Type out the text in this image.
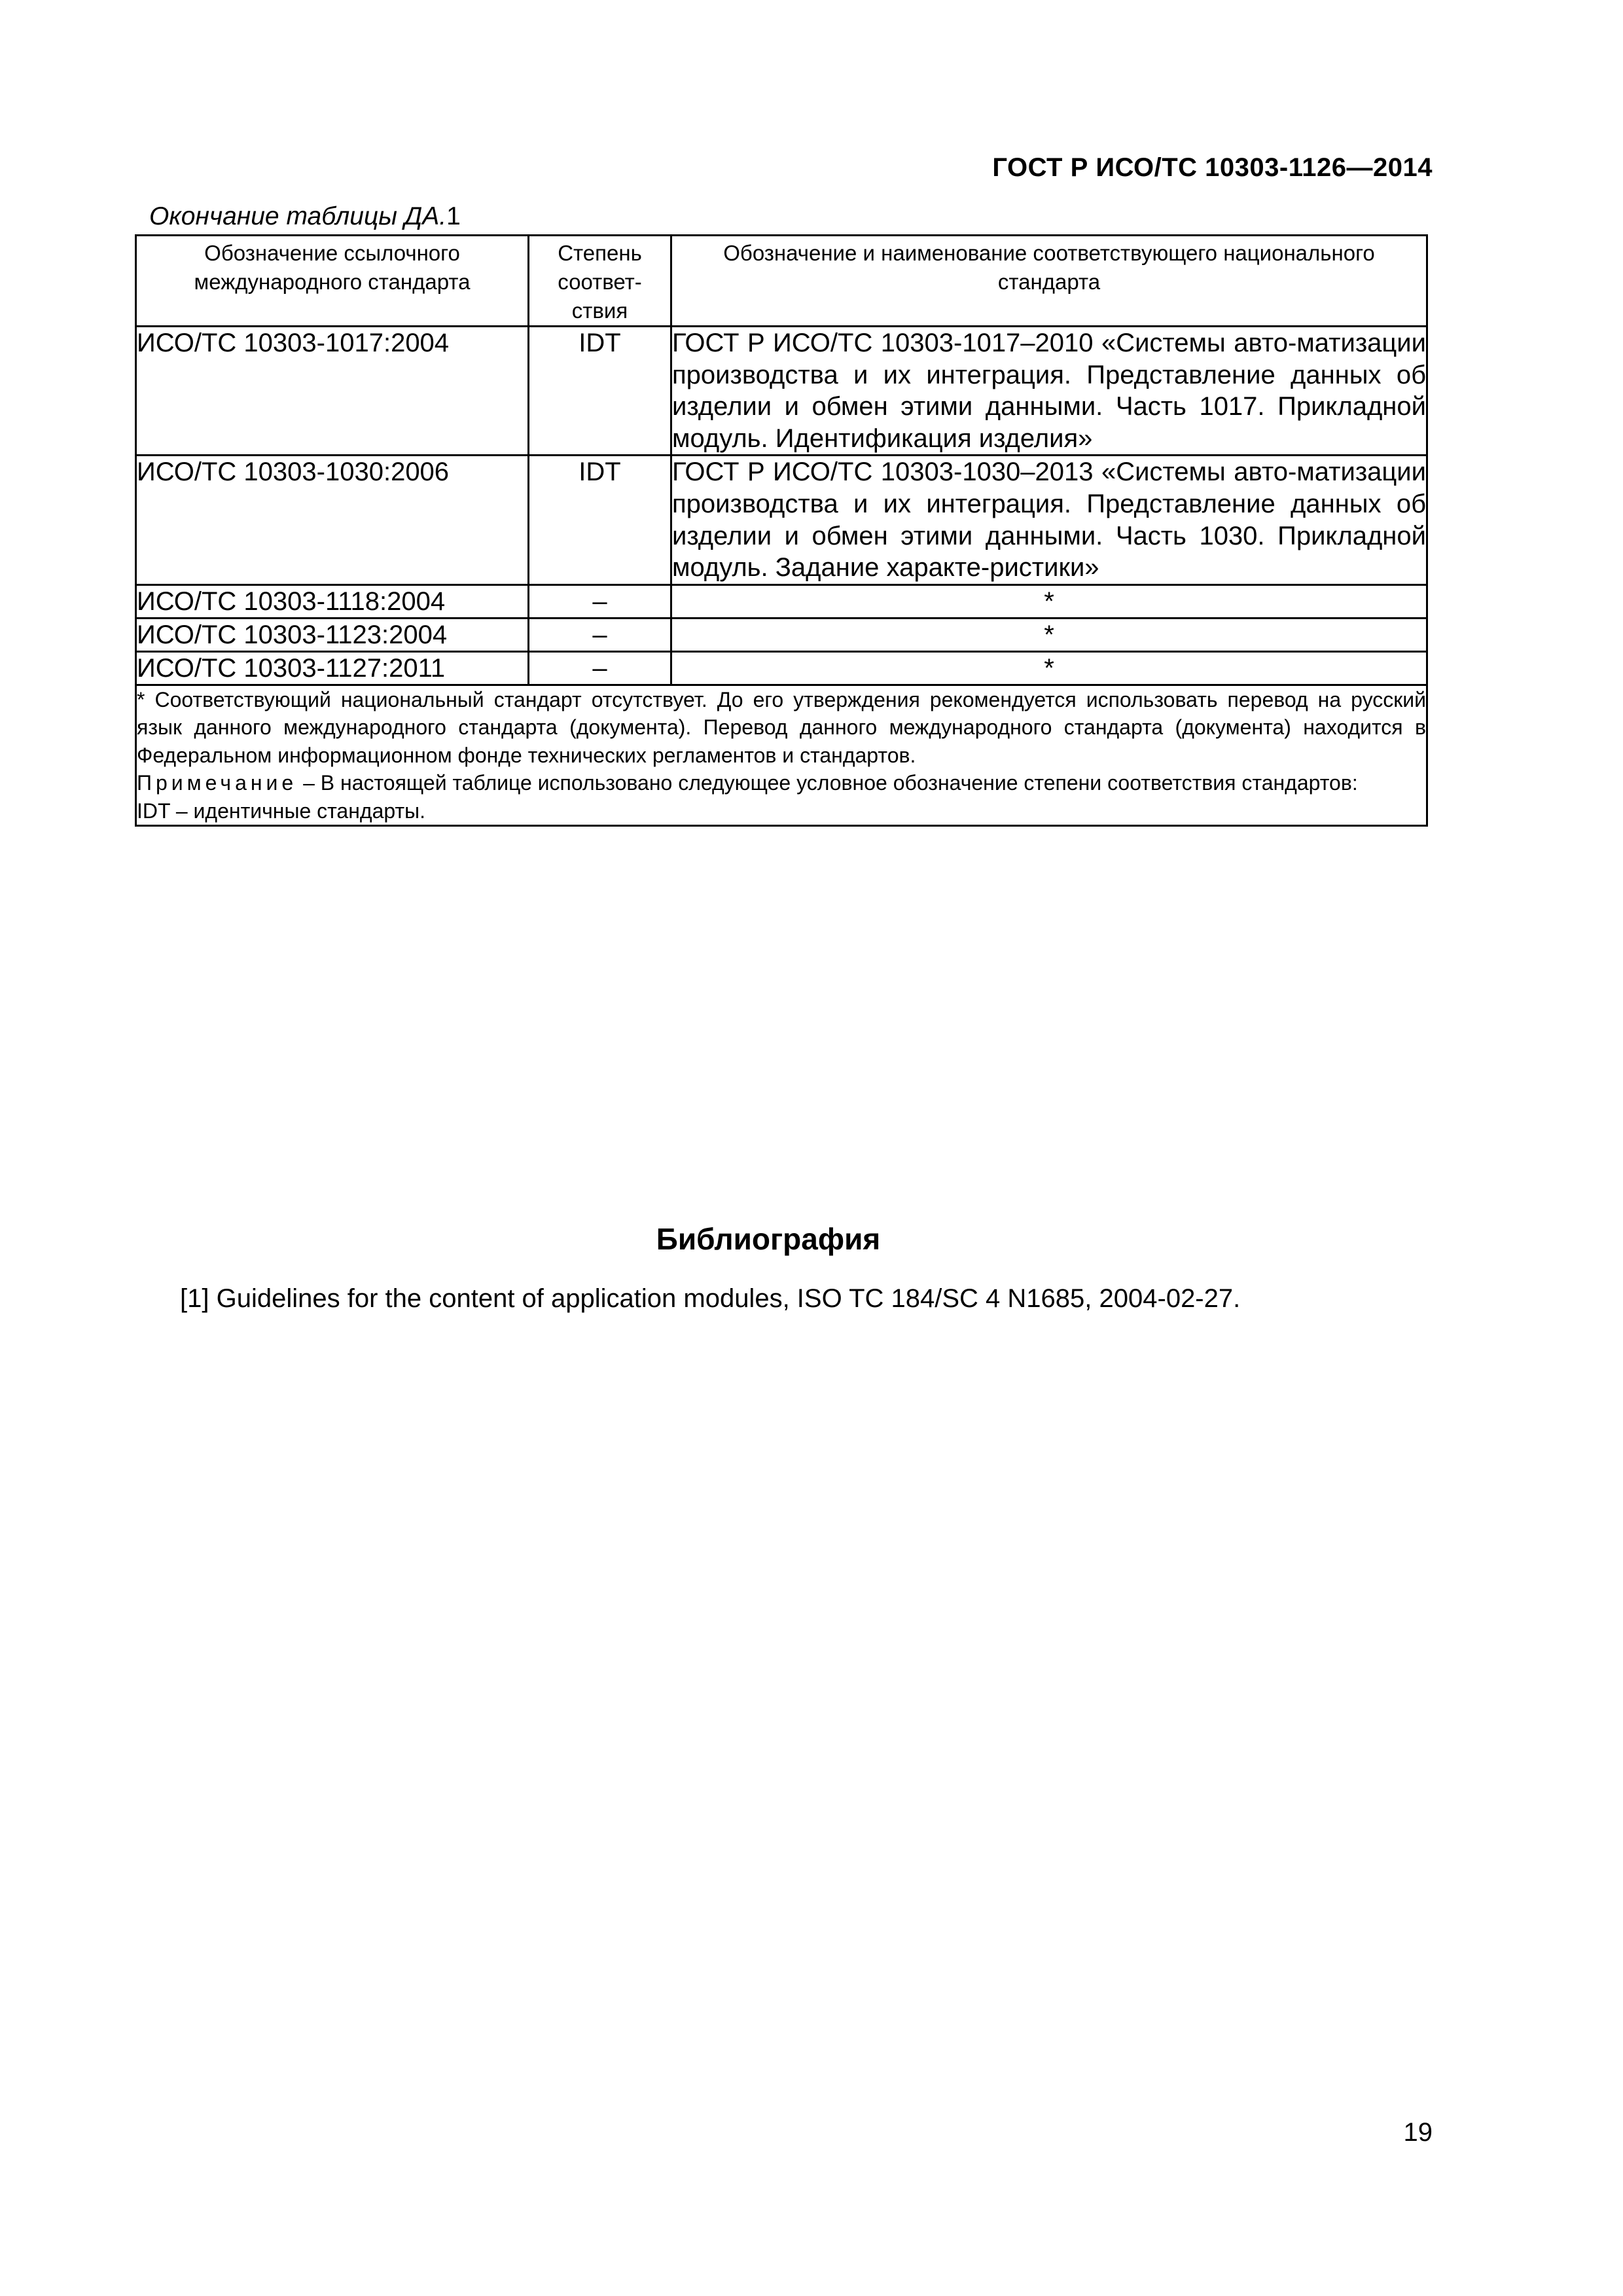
ГОСТ Р ИСО/ТС 10303-1126—2014
Окончание таблицы ДА.1
Обозначение ссылочного международного стандарта	Степень соответ-ствия	Обозначение и наименование соответствующего национального стандарта
ИСО/ТС 10303-1017:2004	IDT	ГОСТ Р ИСО/ТС 10303-1017–2010 «Системы авто-матизации производства и их интеграция. Представление данных об изделии и обмен этими данными. Часть 1017. Прикладной модуль. Идентификация изделия»
ИСО/ТС 10303-1030:2006	IDT	ГОСТ Р ИСО/ТС 10303-1030–2013 «Системы авто-матизации производства и их интеграция. Представление данных об изделии и обмен этими данными. Часть 1030. Прикладной модуль. Задание характе-ристики»
ИСО/ТС 10303-1118:2004	–	*
ИСО/ТС 10303-1123:2004	–	*
ИСО/ТС 10303-1127:2011	–	*

* Соответствующий национальный стандарт отсутствует. До его утверждения рекомендуется использовать перевод на русский язык данного международного стандарта (документа). Перевод данного международного стандарта (документа) находится в Федеральном информационном фонде технических регламентов и стандартов.

Примечание – В настоящей таблице использовано следующее условное обозначение степени соответствия стандартов:

IDT – идентичные стандарты.		

Библиография
[1] Guidelines for the content of application modules, ISO TC 184/SC 4 N1685, 2004-02-27.
19
